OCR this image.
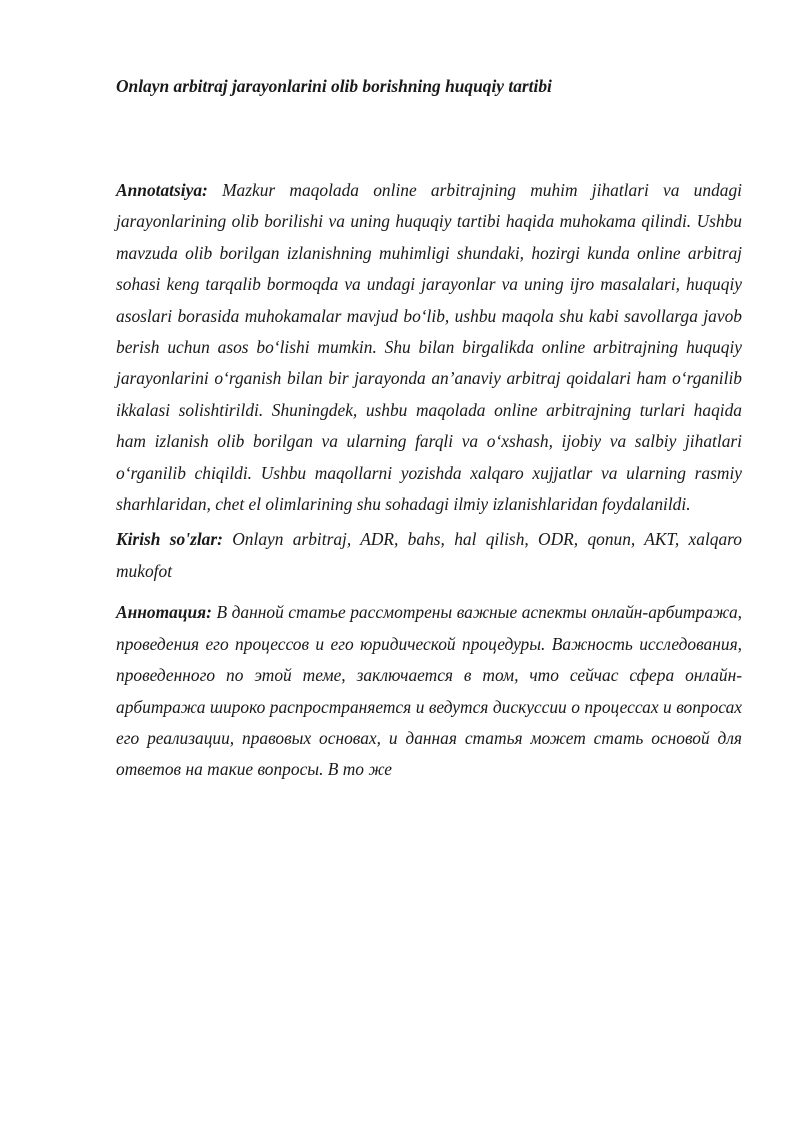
Onlayn arbitraj jarayonlarini olib borishning huquqiy tartibi

Annotatsiya: Mazkur maqolada online arbitrajning muhim jihatlari va undagi jarayonlarining olib borilishi va uning huquqiy tartibi haqida muhokama qilindi. Ushbu mavzuda olib borilgan izlanishning muhimligi shundaki, hozirgi kunda online arbitraj sohasi keng tarqalib bormoqda va undagi jarayonlar va uning ijro masalalari, huquqiy asoslari borasida muhokamalar mavjud bo‘lib, ushbu maqola shu kabi savollarga javob berish uchun asos bo‘lishi mumkin. Shu bilan birgalikda online arbitrajning huquqiy jarayonlarini o‘rganish bilan bir jarayonda an’anaviy arbitraj qoidalari ham o‘rganilib ikkalasi solishtirildi. Shuningdek, ushbu maqolada online arbitrajning turlari haqida ham izlanish olib borilgan va ularning farqli va o‘xshash, ijobiy va salbiy jihatlari o‘rganilib chiqildi. Ushbu maqollarni yozishda xalqaro xujjatlar va ularning rasmiy sharhlaridan, chet el olimlarining shu sohadagi ilmiy izlanishlaridan foydalanildi.

Kirish so'zlar: Onlayn arbitraj, ADR, bahs, hal qilish, ODR, qonun, AKT, xalqaro mukofot

Аннотация: В данной статье рассмотрены важные аспекты онлайн-арбитража, проведения его процессов и его юридической процедуры. Важность исследования, проведенного по этой теме, заключается в том, что сейчас сфера онлайн-арбитража широко распространяется и ведутся дискуссии о процессах и вопросах его реализации, правовых основах, и данная статья может стать основой для ответов на такие вопросы. В то же
